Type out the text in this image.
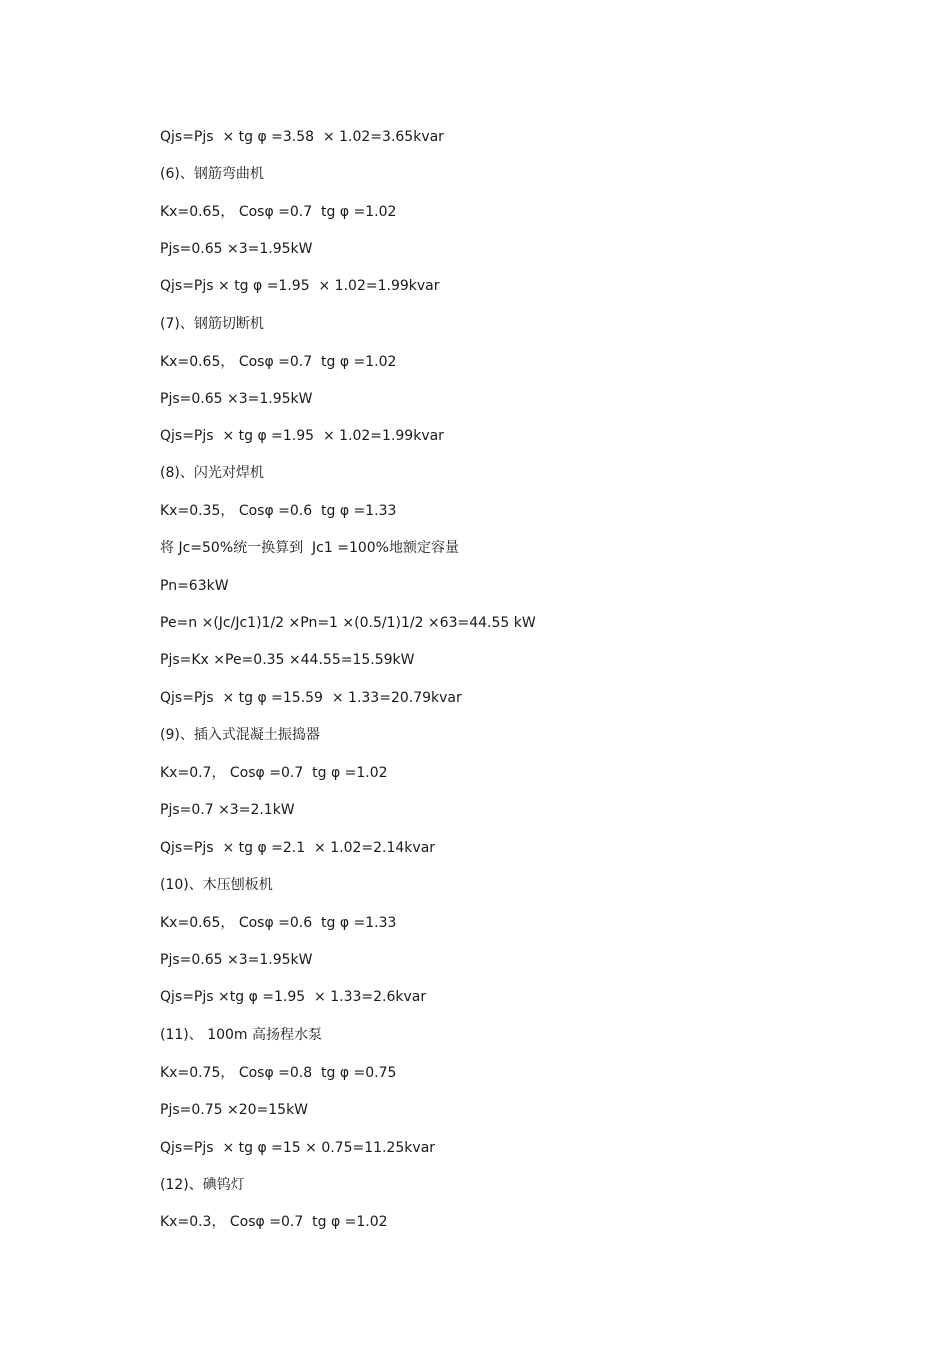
Qjs=Pjs  × tg φ =3.58  × 1.02=3.65kvar
(6)、钢筋弯曲机
Kx=0.65， Cosφ =0.7  tg φ =1.02
Pjs=0.65 ×3=1.95kW
Qjs=Pjs × tg φ =1.95  × 1.02=1.99kvar
(7)、钢筋切断机
Kx=0.65， Cosφ =0.7  tg φ =1.02
Pjs=0.65 ×3=1.95kW
Qjs=Pjs  × tg φ =1.95  × 1.02=1.99kvar
(8)、闪光对焊机
Kx=0.35， Cosφ =0.6  tg φ =1.33
将 Jc=50%统一换算到  Jc1 =100%地额定容量
Pn=63kW
Pe=n ×(Jc/Jc1)1/2 ×Pn=1 ×(0.5/1)1/2 ×63=44.55 kW
Pjs=Kx ×Pe=0.35 ×44.55=15.59kW
Qjs=Pjs  × tg φ =15.59  × 1.33=20.79kvar
(9)、插入式混凝土振捣器
Kx=0.7， Cosφ =0.7  tg φ =1.02
Pjs=0.7 ×3=2.1kW
Qjs=Pjs  × tg φ =2.1  × 1.02=2.14kvar
(10)、木压刨板机
Kx=0.65， Cosφ =0.6  tg φ =1.33
Pjs=0.65 ×3=1.95kW
Qjs=Pjs ×tg φ =1.95  × 1.33=2.6kvar
(11)、 100m 高扬程水泵
Kx=0.75， Cosφ =0.8  tg φ =0.75
Pjs=0.75 ×20=15kW
Qjs=Pjs  × tg φ =15 × 0.75=11.25kvar
(12)、碘钨灯
Kx=0.3， Cosφ =0.7  tg φ =1.02
